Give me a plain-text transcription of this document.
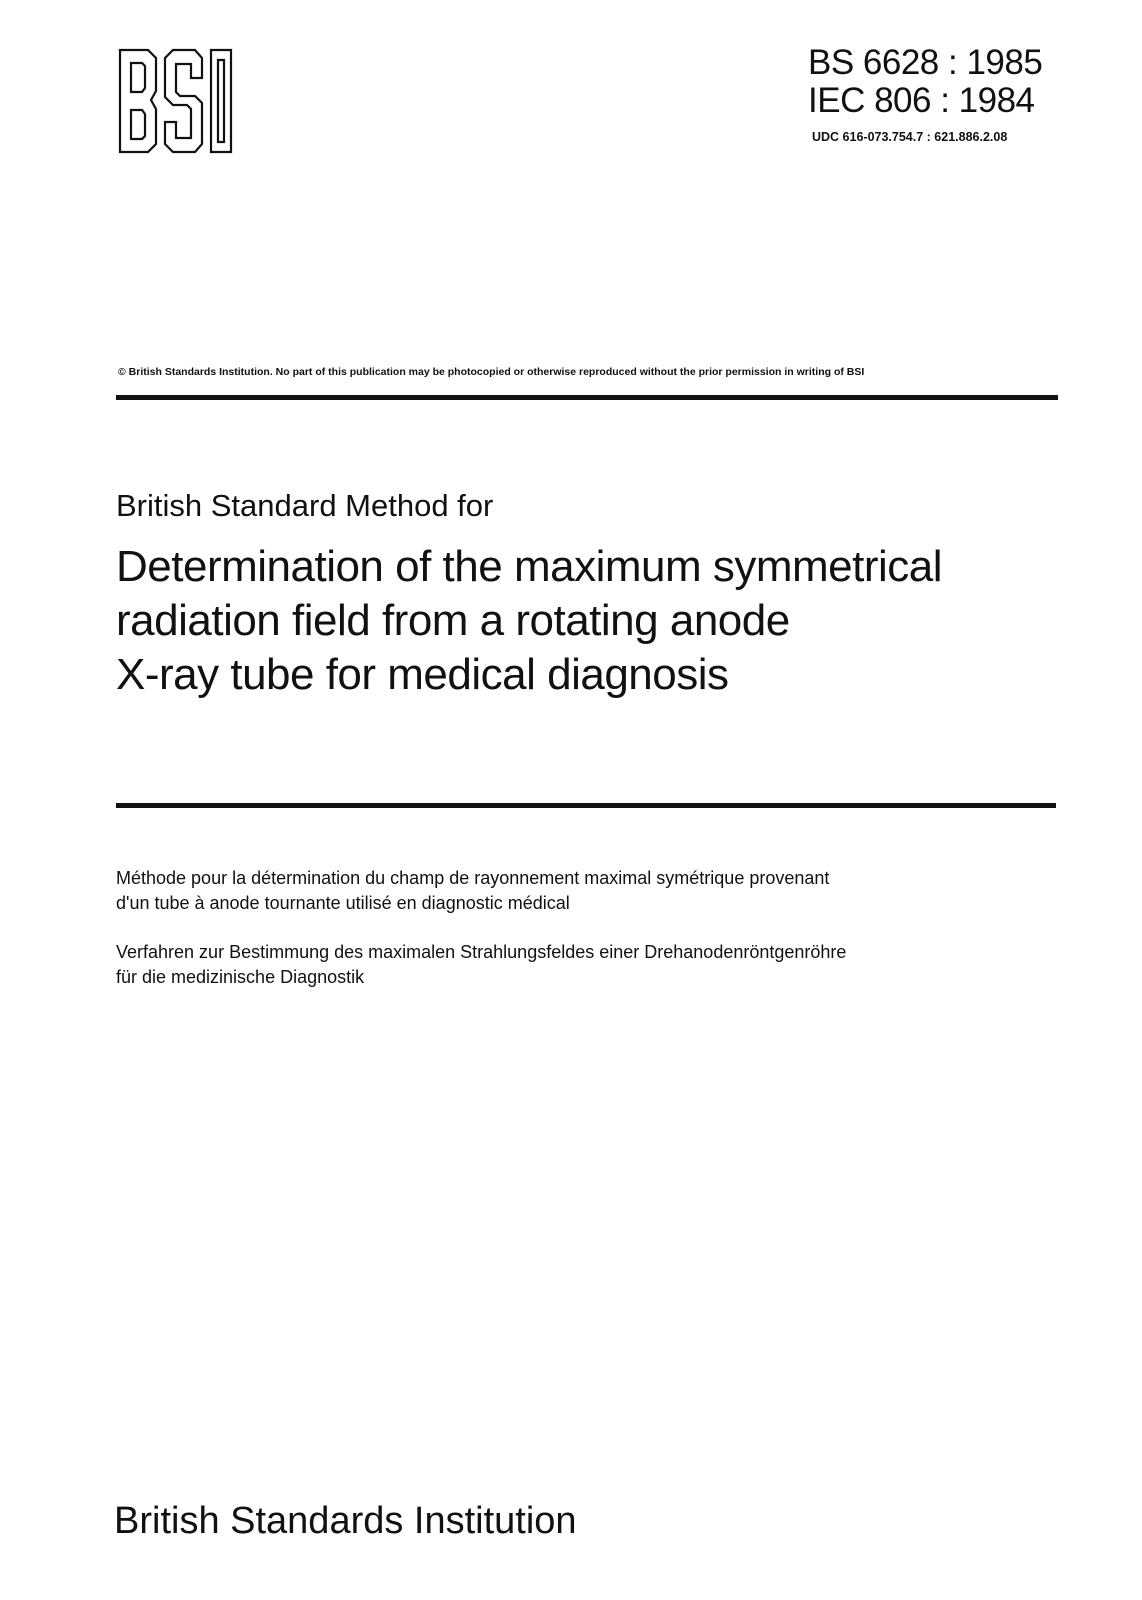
BS 6628 : 1985
IEC 806 : 1984
UDC 616-073.754.7 : 621.886.2.08
© British Standards Institution. No part of this publication may be photocopied or otherwise reproduced without the prior permission in writing of BSI
British Standard Method for
Determination of the maximum symmetrical
radiation field from a rotating anode
X-ray tube for medical diagnosis
Méthode pour la détermination du champ de rayonnement maximal symétrique provenant
d'un tube à anode tournante utilisé en diagnostic médical
Verfahren zur Bestimmung des maximalen Strahlungsfeldes einer Drehanodenröntgenröhre
für die medizinische Diagnostik
British Standards Institution
